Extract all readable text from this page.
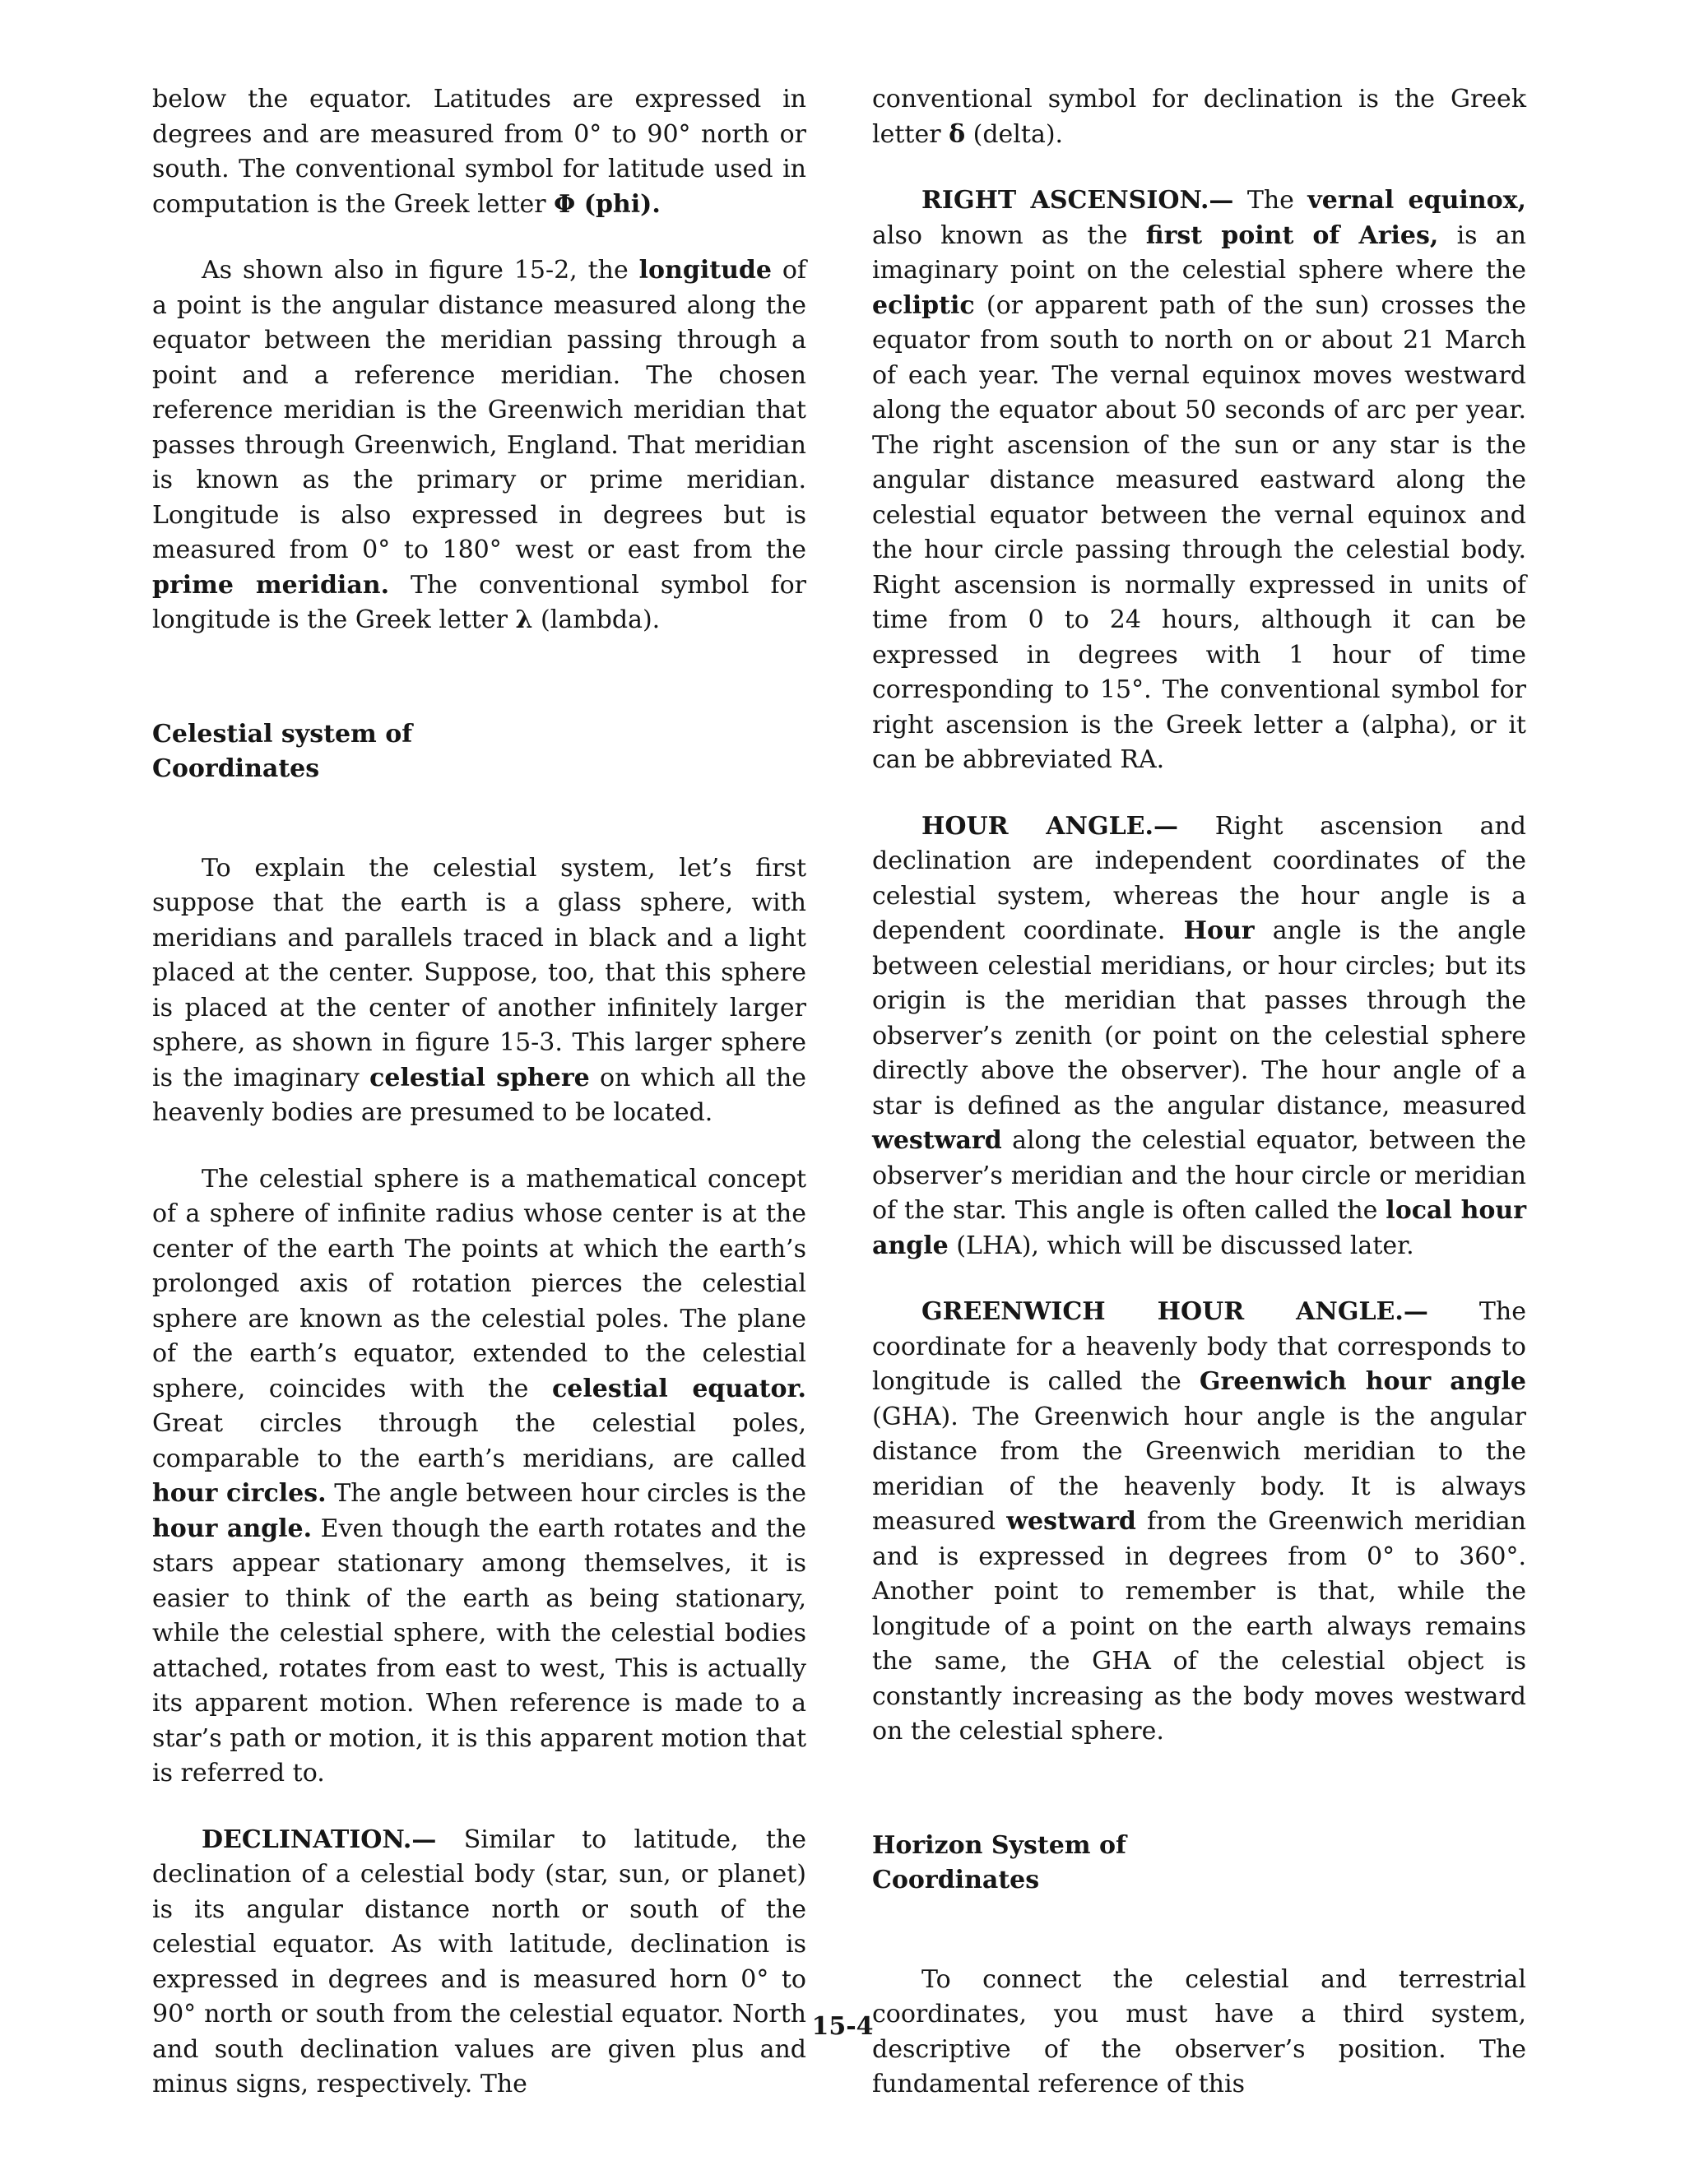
below the equator. Latitudes are expressed in degrees and are measured from 0° to 90° north or south. The conventional symbol for latitude used in computation is the Greek letter Φ (phi).

As shown also in figure 15-2, the longitude of a point is the angular distance measured along the equator between the meridian passing through a point and a reference meridian. The chosen reference meridian is the Greenwich meridian that passes through Greenwich, England. That meridian is known as the primary or prime meridian. Longitude is also expressed in degrees but is measured from 0° to 180° west or east from the prime meridian. The conventional symbol for longitude is the Greek letter λ (lambda).

Celestial system of
Coordinates

To explain the celestial system, let’s first suppose that the earth is a glass sphere, with meridians and parallels traced in black and a light placed at the center. Suppose, too, that this sphere is placed at the center of another infinitely larger sphere, as shown in figure 15-3. This larger sphere is the imaginary celestial sphere on which all the heavenly bodies are presumed to be located.

The celestial sphere is a mathematical concept of a sphere of infinite radius whose center is at the center of the earth The points at which the earth’s prolonged axis of rotation pierces the celestial sphere are known as the celestial poles. The plane of the earth’s equator, extended to the celestial sphere, coincides with the celestial equator. Great circles through the celestial poles, comparable to the earth’s meridians, are called hour circles. The angle between hour circles is the hour angle. Even though the earth rotates and the stars appear stationary among themselves, it is easier to think of the earth as being stationary, while the celestial sphere, with the celestial bodies attached, rotates from east to west, This is actually its apparent motion. When reference is made to a star’s path or motion, it is this apparent motion that is referred to.

DECLINATION.— Similar to latitude, the declination of a celestial body (star, sun, or planet) is its angular distance north or south of the celestial equator. As with latitude, declination is expressed in degrees and is measured horn 0° to 90° north or south from the celestial equator. North and south declination values are given plus and minus signs, respectively. The

conventional symbol for declination is the Greek letter δ (delta).

RIGHT ASCENSION.— The vernal equinox, also known as the first point of Aries, is an imaginary point on the celestial sphere where the ecliptic (or apparent path of the sun) crosses the equator from south to north on or about 21 March of each year. The vernal equinox moves westward along the equator about 50 seconds of arc per year. The right ascension of the sun or any star is the angular distance measured eastward along the celestial equator between the vernal equinox and the hour circle passing through the celestial body. Right ascension is normally expressed in units of time from 0 to 24 hours, although it can be expressed in degrees with 1 hour of time corresponding to 15°. The conventional symbol for right ascension is the Greek letter a (alpha), or it can be abbreviated RA.

HOUR ANGLE.— Right ascension and declination are independent coordinates of the celestial system, whereas the hour angle is a dependent coordinate. Hour angle is the angle between celestial meridians, or hour circles; but its origin is the meridian that passes through the observer’s zenith (or point on the celestial sphere directly above the observer). The hour angle of a star is defined as the angular distance, measured westward along the celestial equator, between the observer’s meridian and the hour circle or meridian of the star. This angle is often called the local hour angle (LHA), which will be discussed later.

GREENWICH HOUR ANGLE.— The coordinate for a heavenly body that corresponds to longitude is called the Greenwich hour angle (GHA). The Greenwich hour angle is the angular distance from the Greenwich meridian to the meridian of the heavenly body. It is always measured westward from the Greenwich meridian and is expressed in degrees from 0° to 360°. Another point to remember is that, while the longitude of a point on the earth always remains the same, the GHA of the celestial object is constantly increasing as the body moves westward on the celestial sphere.

Horizon System of
Coordinates

To connect the celestial and terrestrial coordinates, you must have a third system, descriptive of the observer’s position. The fundamental reference of this

15-4
